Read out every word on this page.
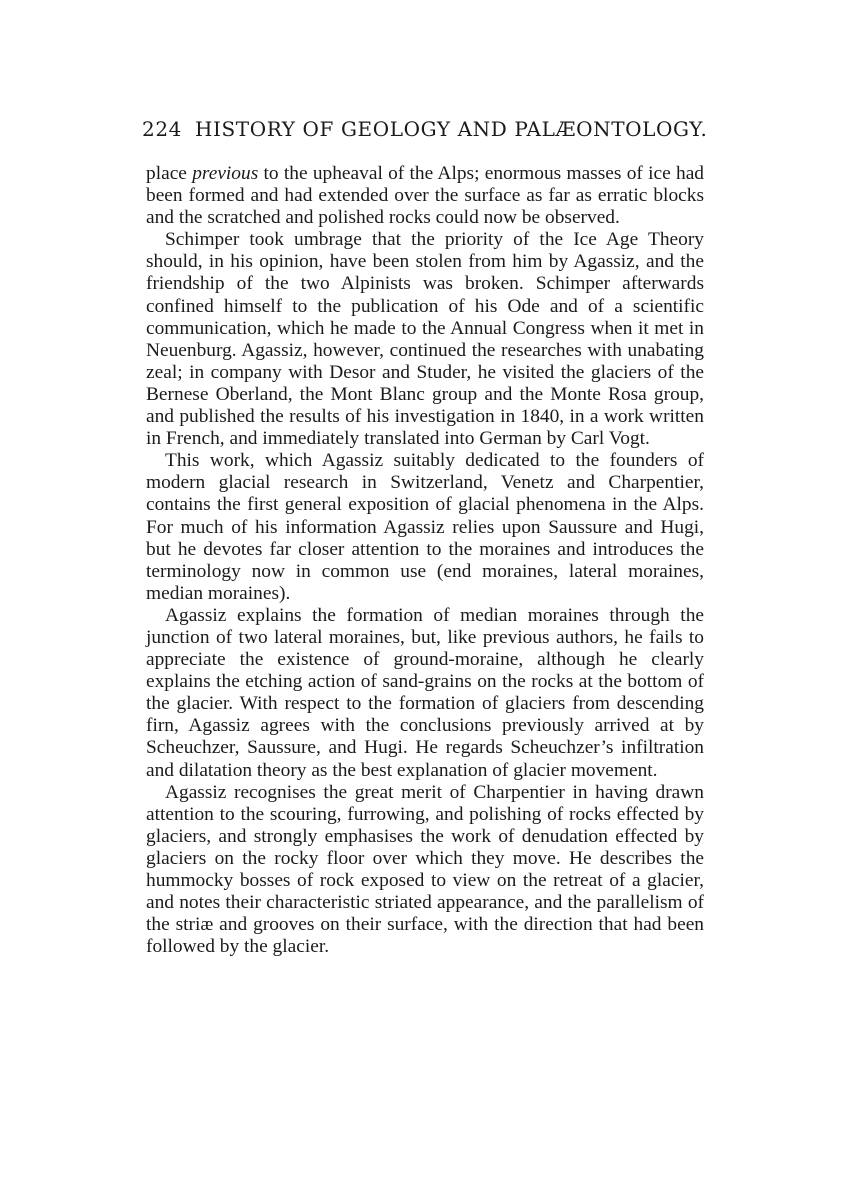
224 HISTORY OF GEOLOGY AND PALÆONTOLOGY.

place previous to the upheaval of the Alps; enormous masses of ice had been formed and had extended over the surface as far as erratic blocks and the scratched and polished rocks could now be observed.

Schimper took umbrage that the priority of the Ice Age Theory should, in his opinion, have been stolen from him by Agassiz, and the friendship of the two Alpinists was broken. Schimper afterwards confined himself to the publication of his Ode and of a scientific communication, which he made to the Annual Congress when it met in Neuenburg. Agassiz, however, continued the researches with unabating zeal; in company with Desor and Studer, he visited the glaciers of the Bernese Oberland, the Mont Blanc group and the Monte Rosa group, and published the results of his investigation in 1840, in a work written in French, and immediately translated into German by Carl Vogt.

This work, which Agassiz suitably dedicated to the founders of modern glacial research in Switzerland, Venetz and Charpentier, contains the first general exposition of glacial phenomena in the Alps. For much of his information Agassiz relies upon Saussure and Hugi, but he devotes far closer attention to the moraines and introduces the terminology now in common use (end moraines, lateral moraines, median moraines).

Agassiz explains the formation of median moraines through the junction of two lateral moraines, but, like previous authors, he fails to appreciate the existence of ground-moraine, although he clearly explains the etching action of sand-grains on the rocks at the bottom of the glacier. With respect to the formation of glaciers from descending firn, Agassiz agrees with the conclusions previously arrived at by Scheuchzer, Saussure, and Hugi. He regards Scheuchzer’s infiltration and dilatation theory as the best explanation of glacier movement.

Agassiz recognises the great merit of Charpentier in having drawn attention to the scouring, furrowing, and polishing of rocks effected by glaciers, and strongly emphasises the work of denudation effected by glaciers on the rocky floor over which they move. He describes the hummocky bosses of rock exposed to view on the retreat of a glacier, and notes their characteristic striated appearance, and the parallelism of the striæ and grooves on their surface, with the direction that had been followed by the glacier.
